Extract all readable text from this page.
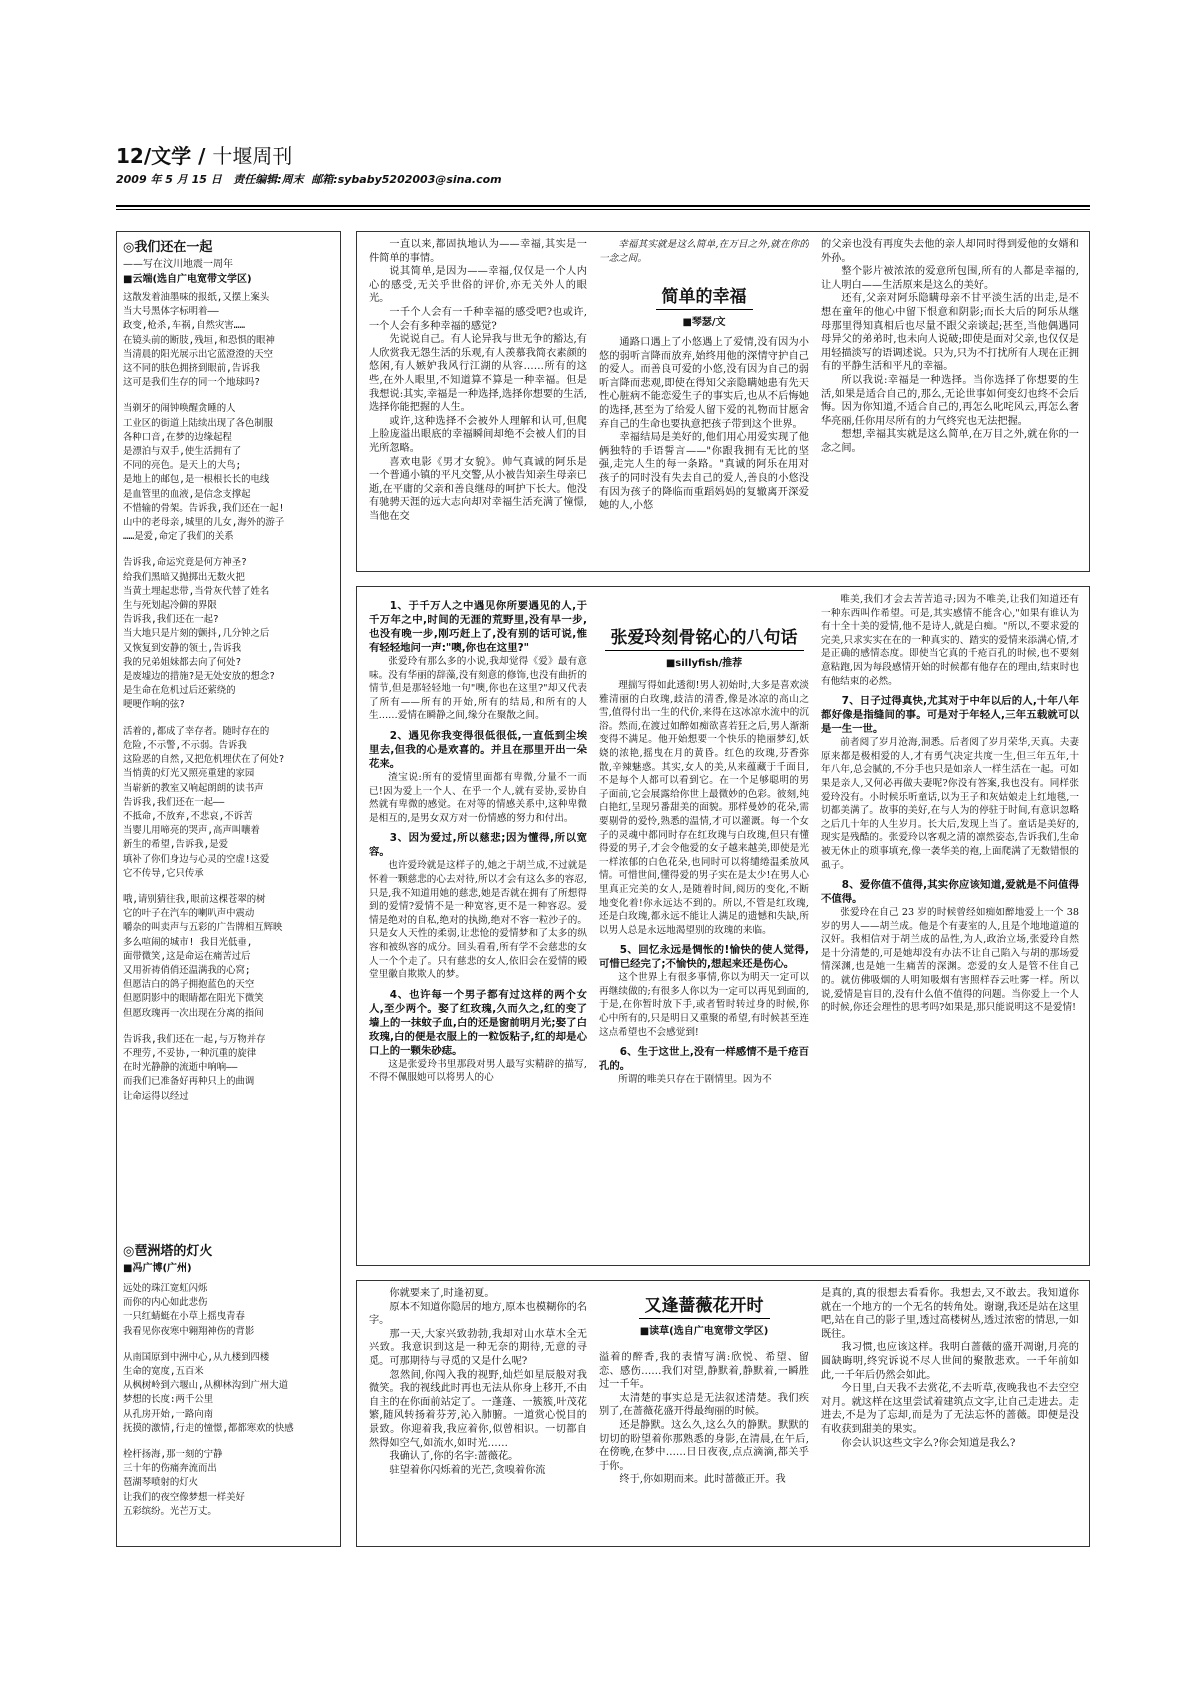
12/文学 / 十堰周刊
2009 年 5 月 15 日 责任编辑:周末 邮箱:sybaby5202003@sina.com
◎我们还在一起
——写在汶川地震一周年
■云端(选自广电宽带文学区)
这散发着油墨味的报纸,又摆上案头
当大号黑体字标明着——
政变,枪杀,车祸,自然灾害……
在镜头前的断肢,残垣,和恐惧的眼神
当清晨的阳光展示出它蓝澄澄的天空
这不同的肤色拥挤到眼前,告诉我
这可是我们生存的同一个地球吗?
当剃牙的闹钟唤醒贪睡的人
工业区的街道上陆续出现了各色制服
各种口音,在梦的边缘起程
是漂泊与双手,使生活拥有了
不同的亮色。是天上的大鸟;
是地上的邮包,是一根根长长的电线
是血管里的血液,是信念支撑起
不惜输的骨架。告诉我,我们还在一起!
山中的老母亲,城里的儿女,海外的游子
……是爱,命定了我们的关系
告诉我,命运究竟是何方神圣?
给我们黑暗又抛掷出无数火把
当黄土埋起悲带,当骨灰代替了姓名
生与死划起冷僻的界限
告诉我,我们还在一起?
当大地只是片刻的颤抖,几分钟之后
又恢复到安静的领土,告诉我
我的兄弟姐妹都去向了何处?
是废墟边的措施?是无处安放的想念?
是生命在危机过后还萦绕的
哽哽作响的弦?
活着的,都成了幸存者。随时存在的
危险,不示警,不示弱。告诉我
这险恶的自然,又把危机埋伏在了何处?
当悄黄的灯光又照亮重建的家园
当崭新的教室又响起朗朗的读书声
告诉我,我们还在一起——
不抵命,不放弃,不悲哀,不诉苦
当婴儿用啼亮的哭声,高声叫嚷着
新生的希望,告诉我,是爱
填补了你们身边与心灵的空虚!这爱
它不传导,它只传承
哦,请别猜往我,眼前这棵苍翠的树
它的叶子在汽车的喇叭声中震动
嚼杂的叫卖声与五彩的广告牌相互辉映
多么喧闹的城市! 我目光低垂,
面带微笑,这是命运在痛苦过后
又用祈祷俏俏还温满我的心窝;
但愿洁白的鸽子拥抱蓝色的天空
但愿阴影中的眼睛都在阳光下微笑
但愿玫瑰再一次出现在分离的指间
告诉我,我们还在一起,与万物并存
不理劳,不妥协,一种沉重的旋律
在时光静静的流逝中响响——
而我们已准备好再种只上的曲调
让命运得以经过
◎琶洲塔的灯火
■冯广博(广州)
远处的珠江宽虹闪烁
而你的内心如此悲伤
一只红蜻蜓在小草上摇曳青春
我看见你夜寒中翱翔神伤的背影
从南国原到中洲中心,从九楼到四楼
生命的宽度,五百米
从枫树岭到六堰山,从柳林沟到广州大道
梦想的长度:两千公里
从孔房开始,一路向南
抚摸的激情,行走的憧憬,都都寒欢的快感
栓杆扬海,那一刻的宁静
三十年的伤痛奔流而出
琶湖琴喷射的灯火
让我们的夜空像梦想一样美好
五彩缤纷。光芒万丈。

一直以来,都固执地认为——幸福,其实是一件简单的事情。

说其简单,是因为——幸福,仅仅是一个人内心的感受,无关乎世俗的评价,亦无关外人的眼光。

一千个人会有一千种幸福的感受吧?也或许,一个人会有多种幸福的感觉?

先说说自己。有人论异我与世无争的豁达,有人欣赏我无怨生活的乐观,有人羡慕我简衣素颜的悠闲,有人嫉妒我风行江湖的从容……所有的这些,在外人眼里,不知道算不算是一种幸福。但是我想说:其实,幸福是一种选择,选择你想要的生活,选择你能把握的人生。

或许,这种选择不会被外人理解和认可,但爬上脸庞溢出眼底的幸福瞬间却绝不会被人们的目光所忽略。

喜欢电影《男才女貌》。帅气真诚的阿乐是一个普通小镇的平凡交警,从小被告知亲生母亲已逝,在平庸的父亲和善良继母的呵护下长大。他没有驰骋天涯的远大志向却对幸福生活充满了憧憬,当他在交

幸福其实就是这么简单,在万目之外,就在你的一念之间。
简单的幸福
■琴瑟/文

通路口遇上了小悠遇上了爱情,没有因为小悠的弱听言降而放弃,始终用他的深情守护自己的爱人。而善良可爱的小悠,没有因为自己的弱听言降而悲观,即使在得知父亲隐瞒她患有先天性心脏病不能恋爱生子的事实后,也从不后悔她的选择,甚至为了给爱人留下爱的礼物而甘愿舍弃自己的生命也要执意把孩子带到这个世界。

幸福结局是美好的,他们用心用爱实现了他俩独特的手语誓言——"你跟我拥有无比的坚强,走完人生的每一条路。"真诚的阿乐在用对孩子的同时没有失去自己的爱人,善良的小悠没有因为孩子的降临而重蹈妈妈的复辙离开深爱她的人,小悠

的父亲也没有再度失去他的亲人却同时得到爱他的女婿和外孙。

整个影片被浓浓的爱意所包围,所有的人都是幸福的,让人明白——生活原来是这么的美好。

还有,父亲对阿乐隐瞒母亲不甘平淡生活的出走,是不想在童年的他心中留下恨意和阴影;而长大后的阿乐从继母那里得知真相后也尽量不跟父亲谈起;甚至,当他偶遇同母异父的弟弟时,也未向人说破;即使是面对父亲,也仅仅是用轻描淡写的语调述说。只为,只为不打扰所有人现在正拥有的平静生活和平凡的幸福。

所以我说:幸福是一种选择。当你选择了你想要的生活,如果是适合自己的,那么,无论世事如何变幻也终不会后悔。因为你知道,不适合自己的,再怎么叱咤风云,再怎么奢华亮丽,任你用尽所有的力气终究也无法把握。

想想,幸福其实就是这么简单,在万目之外,就在你的一念之间。

1、于千万人之中遇见你所要遇见的人,于千万年之中,时间的无涯的荒野里,没有早一步,也没有晚一步,刚巧赶上了,没有别的话可说,惟有轻轻地问一声:"噢,你也在这里?"

张爱玲有那么多的小说,我却觉得《爱》最有意味。没有华丽的辞藻,没有刻意的修饰,也没有曲折的情节,但是那轻轻地一句"噢,你也在这里?"却又代表了所有——所有的开始,所有的结局,和所有的人生……爱情在瞬静之间,缘分在聚散之间。

2、遇见你我变得很低很低,一直低到尘埃里去,但我的心是欢喜的。并且在那里开出一朵花来。

渣宝说:所有的爱情里面都有卑微,分量不一而已!因为爱上一个人、在乎一个人,就有妥协,妥协自然就有卑微的感觉。在对等的情感关系中,这种卑微是相互的,是男女双方对一份情感的努力和付出。

3、因为爱过,所以慈悲;因为懂得,所以宽容。

也许爱玲就是这样子的,她之于胡兰成,不过就是怀着一颗慈悲的心去对待,所以才会有这么多的容忍,只是,我不知道用她的慈悲,她是否就在拥有了所想得到的爱情?爱情不是一种宽容,更不是一种容忍。爱情是绝对的自私,绝对的执拗,绝对不容一粒沙子的。只是女人天性的柔弱,让悲怆的爱情梦和了太多的纵容和被纵容的成分。回头看看,所有学不会慈悲的女人一个个走了。只有慈悲的女人,依旧会在爱情的殿堂里徽自欺欺人的梦。

4、也许每一个男子都有过这样的两个女人,至少两个。娶了红玫瑰,久而久之,红的变了墙上的一抹蚊子血,白的还是窗前明月光;娶了白玫瑰,白的便是衣服上的一粒饭粘子,红的却是心口上的一颗朱砂痣。

这是张爱玲书里那段对男人最写实精辟的描写,不得不佩服她可以将男人的心

张爱玲刻骨铭心的八句话
■sillyfish/推荐

理揣写得如此透彻!男人初始时,大多是喜欢淡雅清丽的白玫瑰,歧洁的清香,像是冰凉的高山之雪,值得付出一生的代价,来得在这冰凉水流中的沉浴。然而,在渡过如醉如痴欲喜若狂之后,男人渐渐变得不满足。他开始想要一个快乐的艳丽梦幻,妖娆的浓艳,摇曳在月的黄昏。红色的玫瑰,芬香弥散,辛辣魅惑。其实,女人的美,从来蕴藏于千面目,不是每个人都可以看到它。在一个足够聪明的男子面前,它会展露给你世上最微妙的色彩。彼刻,纯白艳红,呈现另番甜美的面貌。那样曼妙的花朵,需要剔骨的爱怜,熟悉的温情,才可以灌溉。每一个女子的灵魂中都同时存在红玫瑰与白玫瑰,但只有懂得爱的男子,才会令他爱的女子越来越美,即使是光一样浓郁的白色花朵,也同时可以将缱绻温柔放风情。可惜世间,懂得爱的男子实在是太少!在男人心里真正完美的女人,是随着时间,阅历的变化,不断地变化着!你永远达不到的。所以,不管是红玫瑰,还是白玫瑰,都永远不能让人满足的遗憾和失缺,所以男人总是永远地渴望别的玫瑰的来临。

5、回忆永远是惆怅的!愉快的使人觉得,可惜已经完了;不愉快的,想起来还是伤心。

这个世界上有很多事情,你以为明天一定可以再继续做的;有很多人你以为一定可以再见到面的,于是,在你暂时放下手,或者暂时转过身的时候,你心中所有的,只是明日又重聚的希望,有时候甚至连这点希望也不会感觉到!

6、生于这世上,没有一样感情不是千疮百孔的。

所谓的唯美只存在于剧情里。因为不

唯美,我们才会去苦苦追寻;因为不唯美,让我们知道还有一种东西叫作希望。可是,其实感情不能含心,"如果有谁认为有十全十美的爱情,他不是诗人,就是白痴。"所以,不要求爱的完美,只求实实在在的一种真实的、踏实的爱情来添满心情,才是正确的感情态度。即使当它真的千疮百孔的时候,也不要刻意粘跑,因为每段感情开始的时候都有他存在的理由,结束时也有他结束的必然。

7、日子过得真快,尤其对于中年以后的人,十年八年都好像是指缝间的事。可是对于年轻人,三年五载就可以是一生一世。

前者阅了岁月沧海,洞悉。后者阅了岁月荣华,天真。夫妻原来都是极相爱的人,才有勇气决定共度一生,但三年五年,十年八年,总会腻的,不分手也只是如亲人一样生活在一起。可如果是亲人,又何必再做夫妻呢?你没有答案,我也没有。同样张爱玲没有。小时候乐听童话,以为王子和灰姑娘走上红地毯,一切都美满了。故事的美好,在与人为的停驻于时间,有意识忽略之后几十年的人生岁月。长大后,发现上当了。童话是美好的,现实是残酷的。张爱玲以客观之清的凛然姿态,告诉我们,生命被无休止的琐事填充,像一袭华美的袍,上面爬满了无数错恨的虱子。

8、爱你值不值得,其实你应该知道,爱就是不问值得不值得。

张爱玲在自己 23 岁的时候曾经如痴如醉地爱上一个 38 岁的男人——胡兰成。他是个有妻室的人,且是个地地道道的汉奸。我相信对于胡兰成的品性,为人,政治立场,张爱玲自然是十分清楚的,可是她却没有办法不让自己陷入与胡的那场爱情深渊,也是她一生痛苦的深渊。恋爱的女人是管不住自己的。就仿佛吸烟的人明知吸烟有害照样吞云吐雾一样。所以说,爱情是盲目的,没有什么值不值得的问题。当你爱上一个人的时候,你还会理性的思考吗?如果是,那只能说明这不是爱情!

你就要来了,时逢初夏。

原本不知道你隐居的地方,原本也模糊你的名字。

那一天,大家兴致勃勃,我却对山水草木全无兴致。我意识到这是一种无奈的期待,无意的寻觅。可那期待与寻觅的又是什么呢?

忽然间,你闯入我的视野,灿烂如星辰般对我微笑。我的视线此时再也无法从你身上移开,不由自主的在你面前站定了。一蓬蓬、一簇簇,叶茂花繁,随风转扬着芬芳,沁入肺腑。一道赏心悦目的景致。你迎着我,我应着你,似曾相识。一切都自然得如空气,如流水,如时光……

我确认了,你的名字:蔷薇花。

驻望着你闪烁着的光芒,贪嗅着你流

又逢蔷薇花开时
■读草(选自广电宽带文学区)

溢着的醉香,我的表情写满:欣悦、希望、留恋、感伤……我们对望,静默着,静默着,一瞬胜过一千年。

太清楚的事实总是无法叙述清楚。我们疾别了,在蔷薇花盛开得最绚丽的时候。

还是静默。这么久,这么久的静默。默默的切切的盼望着你那熟悉的身影,在清晨,在午后,在傍晚,在梦中……日日夜夜,点点滴滴,都关乎于你。

终于,你如期而来。此时蔷薇正开。我

是真的,真的很想去看看你。我想去,又不敢去。我知道你就在一个地方的一个无名的转角处。谢谢,我还是站在这里吧,站在自己的影子里,透过高楼树丛,透过浓密的情思,一如既往。

我习惯,也应该这样。我明白蔷薇的盛开凋谢,月亮的圆缺晦明,终究诉说不尽人世间的聚散悲欢。一千年前如此,一千年后仍然会如此。

今日里,白天我不去赏花,不去听草,夜晚我也不去空空对月。就这样在这里尝试着建筑点文字,让自己走进去。走进去,不是为了忘却,而是为了无法忘怀的蔷薇。即便是没有收获到甜美的果实。

你会认识这些文字么?你会知道是我么?
